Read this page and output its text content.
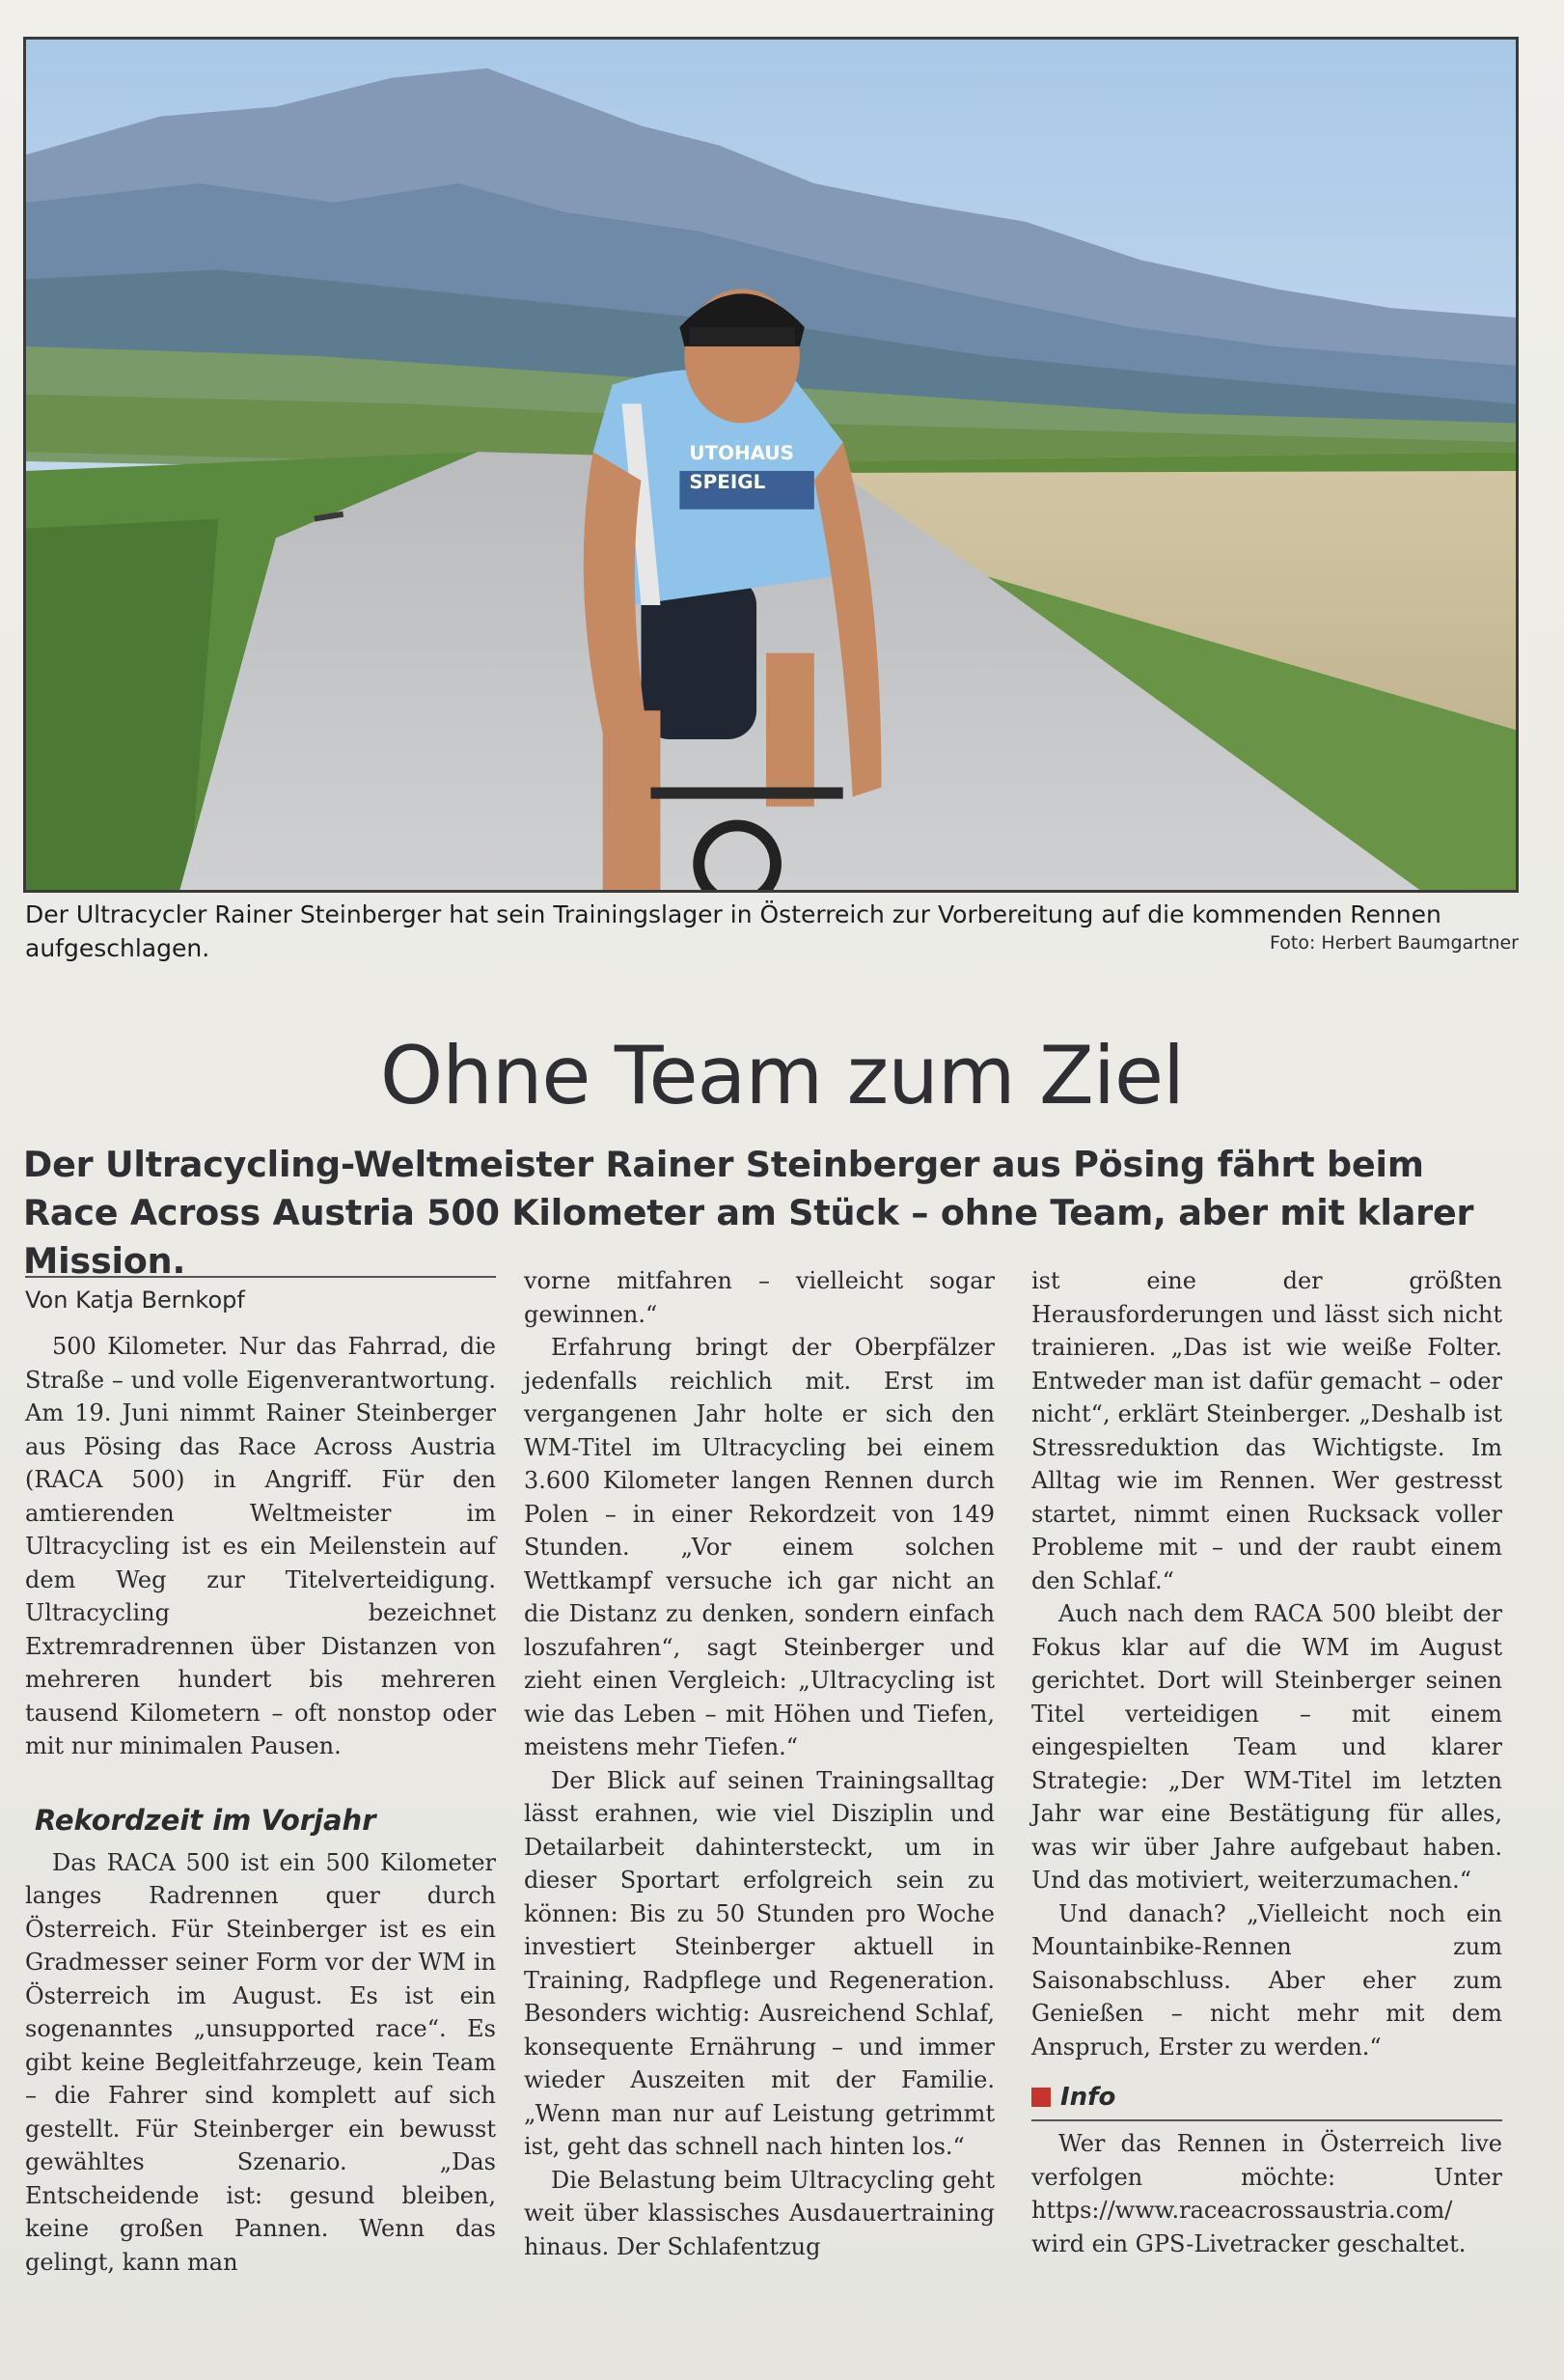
UTOHAUS
SPEIGL

Der Ultracycler Rainer Steinberger hat sein Trainingslager in Österreich zur Vorbereitung auf die kommenden Rennen aufgeschlagen.	Foto: Herbert Baumgartner
Ohne Team zum Ziel

Der Ultracycling-Weltmeister Rainer Steinberger aus Pösing fährt beim Race Across Austria 500 Kilometer am Stück – ohne Team, aber mit klarer Mission.

Von Katja Bernkopf

500 Kilometer. Nur das Fahrrad, die Straße – und volle Eigenverantwortung. Am 19. Juni nimmt Rainer Steinberger aus Pösing das Race Across Austria (RACA 500) in Angriff. Für den amtierenden Weltmeister im Ultracycling ist es ein Meilenstein auf dem Weg zur Titelverteidigung. Ultracycling bezeichnet Extremradrennen über Distanzen von mehreren hundert bis mehreren tausend Kilometern – oft nonstop oder mit nur minimalen Pausen.

Rekordzeit im Vorjahr

Das RACA 500 ist ein 500 Kilometer langes Radrennen quer durch Österreich. Für Steinberger ist es ein Gradmesser seiner Form vor der WM in Österreich im August. Es ist ein sogenanntes „unsupported race“. Es gibt keine Begleitfahrzeuge, kein Team – die Fahrer sind komplett auf sich gestellt. Für Steinberger ein bewusst gewähltes Szenario. „Das Entscheidende ist: gesund bleiben, keine großen Pannen. Wenn das gelingt, kann man

vorne mitfahren – vielleicht sogar gewinnen.“

Erfahrung bringt der Oberpfälzer jedenfalls reichlich mit. Erst im vergangenen Jahr holte er sich den WM-Titel im Ultracycling bei einem 3.600 Kilometer langen Rennen durch Polen – in einer Rekordzeit von 149 Stunden. „Vor einem solchen Wettkampf versuche ich gar nicht an die Distanz zu denken, sondern einfach loszufahren“, sagt Steinberger und zieht einen Vergleich: „Ultracycling ist wie das Leben – mit Höhen und Tiefen, meistens mehr Tiefen.“

Der Blick auf seinen Trainingsalltag lässt erahnen, wie viel Disziplin und Detailarbeit dahintersteckt, um in dieser Sportart erfolgreich sein zu können: Bis zu 50 Stunden pro Woche investiert Steinberger aktuell in Training, Radpflege und Regeneration. Besonders wichtig: Ausreichend Schlaf, konsequente Ernährung – und immer wieder Auszeiten mit der Familie. „Wenn man nur auf Leistung getrimmt ist, geht das schnell nach hinten los.“

Die Belastung beim Ultracycling geht weit über klassisches Ausdauertraining hinaus. Der Schlafentzug

ist eine der größten Herausforderungen und lässt sich nicht trainieren. „Das ist wie weiße Folter. Entweder man ist dafür gemacht – oder nicht“, erklärt Steinberger. „Deshalb ist Stressreduktion das Wichtigste. Im Alltag wie im Rennen. Wer gestresst startet, nimmt einen Rucksack voller Probleme mit – und der raubt einem den Schlaf.“

Auch nach dem RACA 500 bleibt der Fokus klar auf die WM im August gerichtet. Dort will Steinberger seinen Titel verteidigen – mit einem eingespielten Team und klarer Strategie: „Der WM-Titel im letzten Jahr war eine Bestätigung für alles, was wir über Jahre aufgebaut haben. Und das motiviert, weiterzumachen.“

Und danach? „Vielleicht noch ein Mountainbike-Rennen zum Saisonabschluss. Aber eher zum Genießen – nicht mehr mit dem Anspruch, Erster zu werden.“

Info

Wer das Rennen in Österreich live verfolgen möchte: Unter https://www.raceacrossaustria.com/ wird ein GPS-Livetracker geschaltet.
